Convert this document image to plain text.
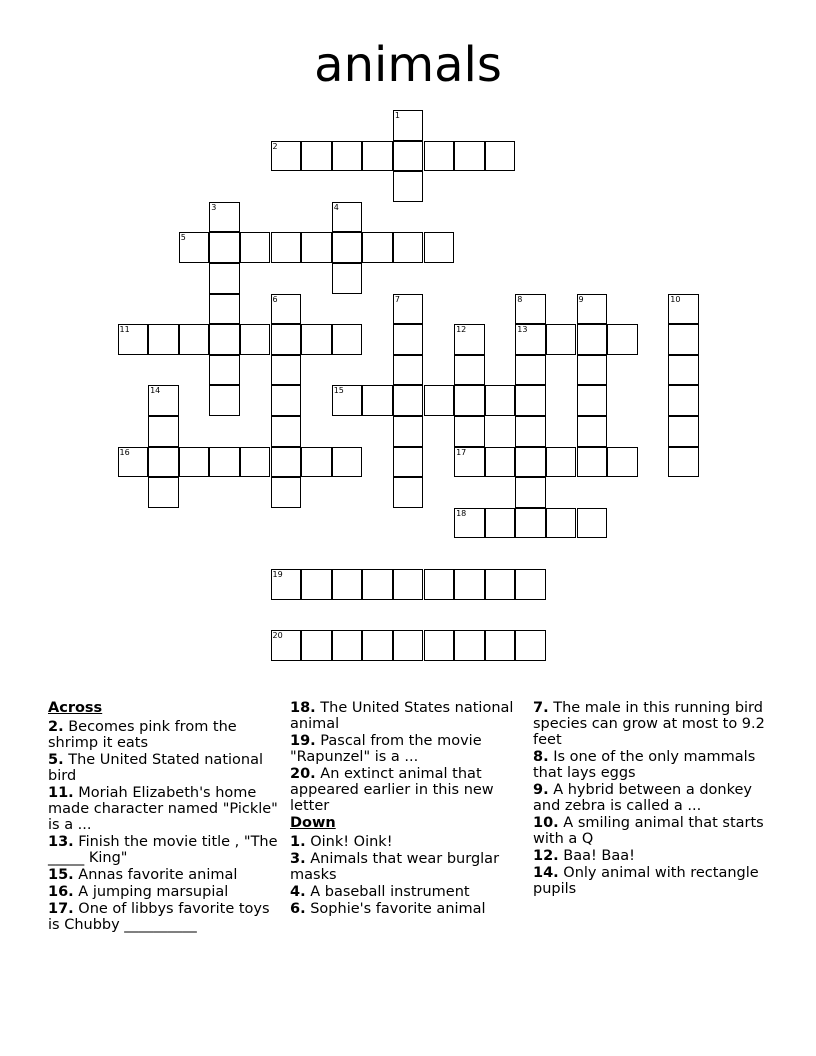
animals
1
2
3	4
5
6	7	8
13
9	10
11	12
17
14	15
16
18
19
20
Across
2. Becomes pink from the shrimp it eats
5. The United Stated national bird
11. Moriah Elizabeth's home made character named "Pickle" is a ...
13. Finish the movie title , "The _____ King"
15. Annas favorite animal
16. A jumping marsupial
17. One of libbys favorite toys is Chubby __________
18. The United States national animal
19. Pascal from the movie "Rapunzel" is a ...
20. An extinct animal that appeared earlier in this new letter
Down
1. Oink! Oink!
3. Animals that wear burglar masks
4. A baseball instrument
6. Sophie's favorite animal
7. The male in this running bird species can grow at most to 9.2 feet
8. Is one of the only mammals that lays eggs
9. A hybrid between a donkey and zebra is called a ...
10. A smiling animal that starts with a Q
12. Baa! Baa!
14. Only animal with rectangle pupils
